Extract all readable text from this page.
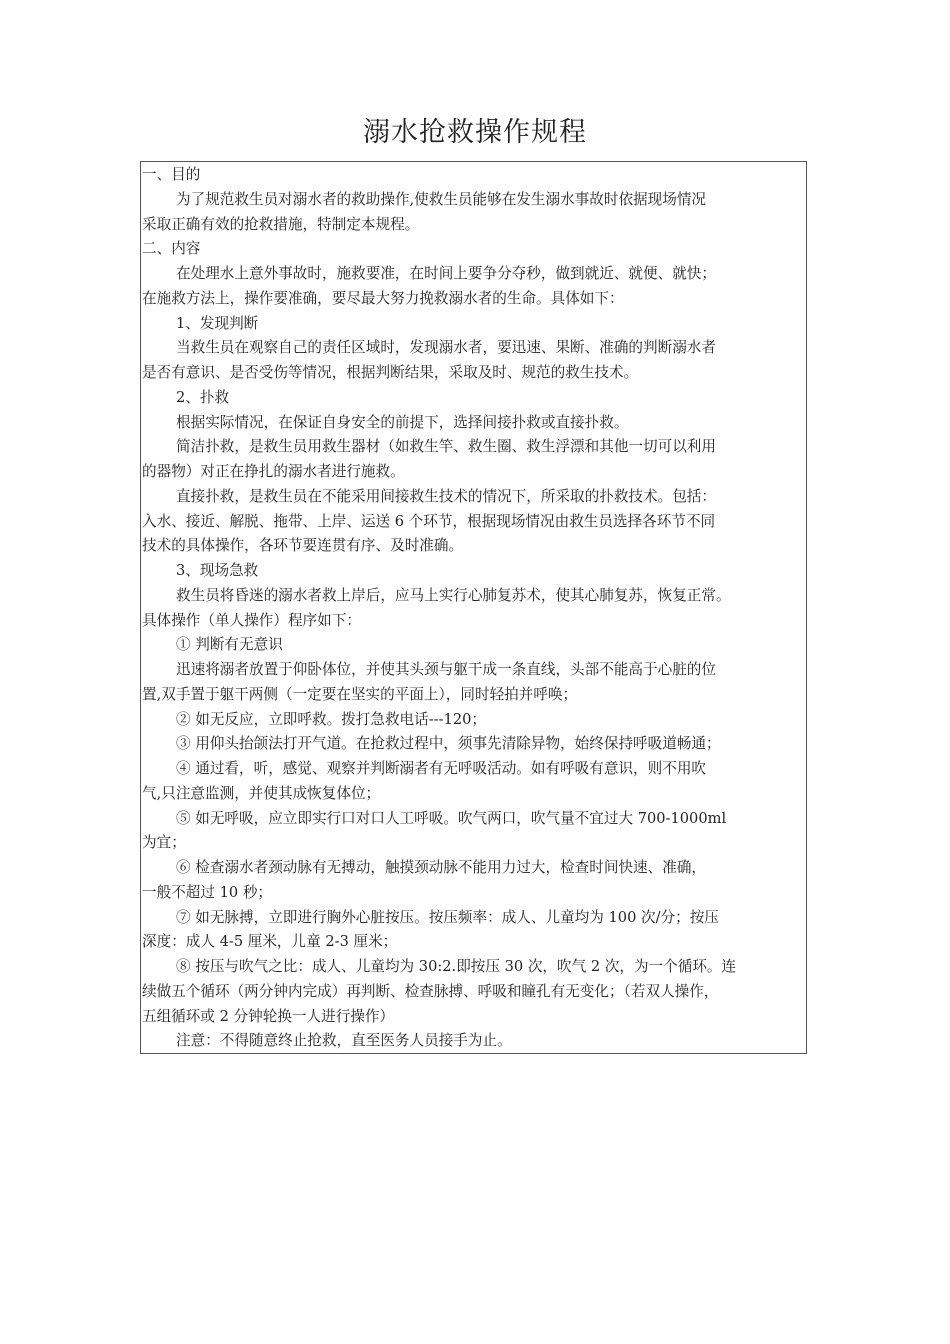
溺水抢救操作规程
一、目的
为了规范救生员对溺水者的救助操作,使救生员能够在发生溺水事故时依据现场情况
采取正确有效的抢救措施，特制定本规程。
二、内容
在处理水上意外事故时，施救要准，在时间上要争分夺秒，做到就近、就便、就快；
在施救方法上，操作要准确，要尽最大努力挽救溺水者的生命。具体如下：
1、发现判断
当救生员在观察自己的责任区域时，发现溺水者，要迅速、果断、准确的判断溺水者
是否有意识、是否受伤等情况，根据判断结果，采取及时、规范的救生技术。
2、扑救
根据实际情况，在保证自身安全的前提下，选择间接扑救或直接扑救。
简洁扑救，是救生员用救生器材（如救生竿、救生圈、救生浮漂和其他一切可以利用
的器物）对正在挣扎的溺水者进行施救。
直接扑救，是救生员在不能采用间接救生技术的情况下，所采取的扑救技术。包括：
入水、接近、解脱、拖带、上岸、运送 6 个环节，根据现场情况由救生员选择各环节不同
技术的具体操作，各环节要连贯有序、及时准确。
3、现场急救
救生员将昏迷的溺水者救上岸后，应马上实行心肺复苏术，使其心肺复苏，恢复正常。
具体操作（单人操作）程序如下：
① 判断有无意识
迅速将溺者放置于仰卧体位，并使其头颈与躯干成一条直线，头部不能高于心脏的位
置,双手置于躯干两侧（一定要在坚实的平面上），同时轻拍并呼唤；
② 如无反应，立即呼救。拨打急救电话---120；
③ 用仰头抬颌法打开气道。在抢救过程中，须事先清除异物，始终保持呼吸道畅通；
④ 通过看，听，感觉、观察并判断溺者有无呼吸活动。如有呼吸有意识，则不用吹
气,只注意监测，并使其成恢复体位；
⑤ 如无呼吸，应立即实行口对口人工呼吸。吹气两口，吹气量不宜过大 700-1000ml
为宜；
⑥ 检查溺水者颈动脉有无搏动，触摸颈动脉不能用力过大，检查时间快速、准确，
一般不超过 10 秒；
⑦ 如无脉搏，立即进行胸外心脏按压。按压频率：成人、儿童均为 100 次/分；按压
深度：成人 4-5 厘米，儿童 2-3 厘米；
⑧ 按压与吹气之比：成人、儿童均为 30:2.即按压 30 次，吹气 2 次，为一个循环。连
续做五个循环（两分钟内完成）再判断、检查脉搏、呼吸和瞳孔有无变化；（若双人操作，
五组循环或 2 分钟轮换一人进行操作）
注意：不得随意终止抢救，直至医务人员接手为止。
